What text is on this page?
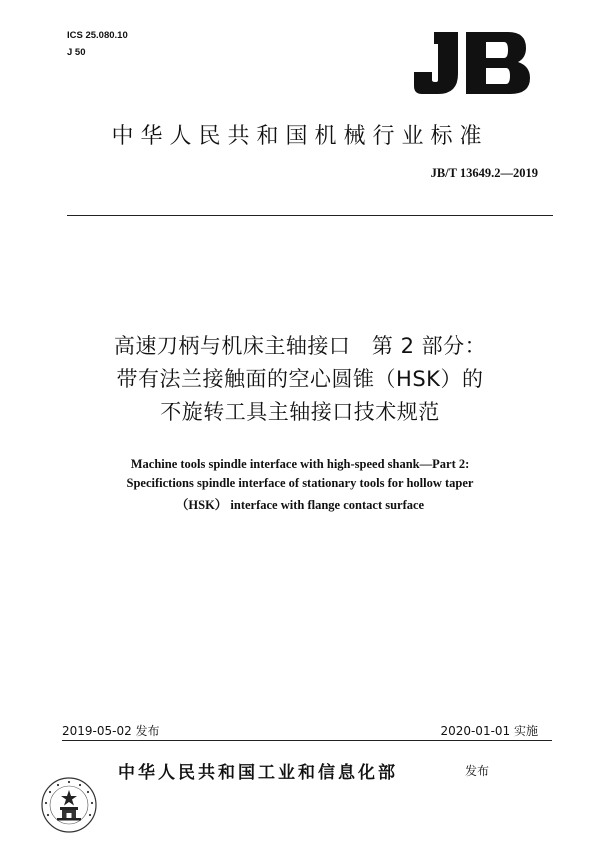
ICS 25.080.10
J 50
中华人民共和国机械行业标准
JB/T 13649.2—2019
高速刀柄与机床主轴接口　第 2 部分：
带有法兰接触面的空心圆锥（HSK）的
不旋转工具主轴接口技术规范
Machine tools spindle interface with high-speed shank—Part 2:
Specifictions spindle interface of stationary tools for hollow taper
（HSK） interface with flange contact surface
2019-05-02 发布	2020-01-01 实施
中华人民共和国工业和信息化部	发布
